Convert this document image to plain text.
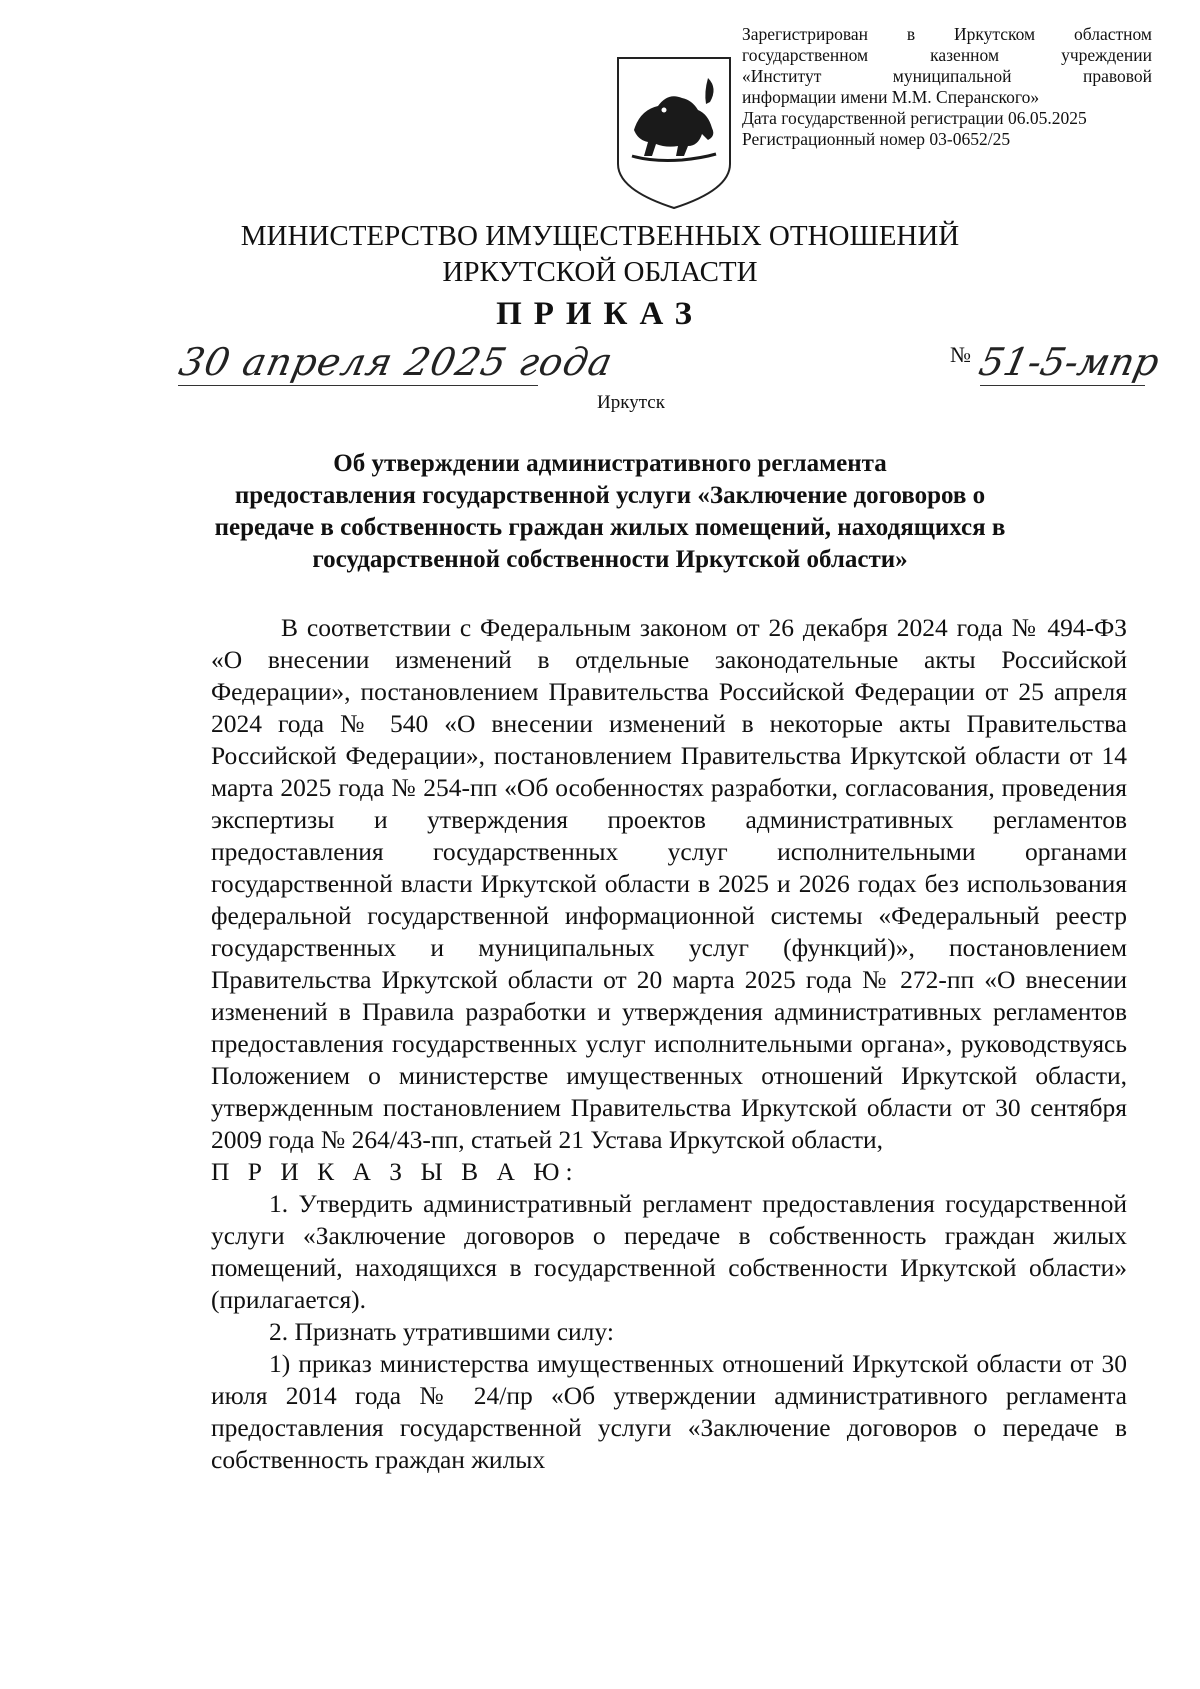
Зарегистрирован в Иркутском областном
государственном казенном учреждении
«Институт муниципальной правовой
информации имени М.М. Сперанского»
Дата государственной регистрации 06.05.2025
Регистрационный номер 03-0652/25
МИНИСТЕРСТВО ИМУЩЕСТВЕННЫХ ОТНОШЕНИЙ
ИРКУТСКОЙ ОБЛАСТИ
ПРИКАЗ
30 апреля 2025 года	№ 51-5-мпр
Иркутск
Об утверждении административного регламента
предоставления государственной услуги «Заключение договоров о
передаче в собственность граждан жилых помещений, находящихся в
государственной собственности Иркутской области»

В соответствии с Федеральным законом от 26 декабря 2024 года № 494-ФЗ «О внесении изменений в отдельные законодательные акты Российской Федерации», постановлением Правительства Российской Федерации от 25 апреля 2024 года № 540 «О внесении изменений в некоторые акты Правительства Российской Федерации», постановлением Правительства Иркутской области от 14 марта 2025 года № 254-пп «Об особенностях разработки, согласования, проведения экспертизы и утверждения проектов административных регламентов предоставления государственных услуг исполнительными органами государственной власти Иркутской области в 2025 и 2026 годах без использования федеральной государственной информационной системы «Федеральный реестр государственных и муниципальных услуг (функций)», постановлением Правительства Иркутской области от 20 марта 2025 года № 272-пп «О внесении изменений в Правила разработки и утверждения административных регламентов предоставления государственных услуг исполнительными органа», руководствуясь Положением о министерстве имущественных отношений Иркутской области, утвержденным постановлением Правительства Иркутской области от 30 сентября 2009 года № 264/43-пп, статьей 21 Устава Иркутской области,

П Р И К А З Ы В А Ю:

1. Утвердить административный регламент предоставления государственной услуги «Заключение договоров о передаче в собственность граждан жилых помещений, находящихся в государственной собственности Иркутской области» (прилагается).

2. Признать утратившими силу:

1) приказ министерства имущественных отношений Иркутской области от 30 июля 2014 года № 24/пр «Об утверждении административного регламента предоставления государственной услуги «Заключение договоров о передаче в собственность граждан жилых
